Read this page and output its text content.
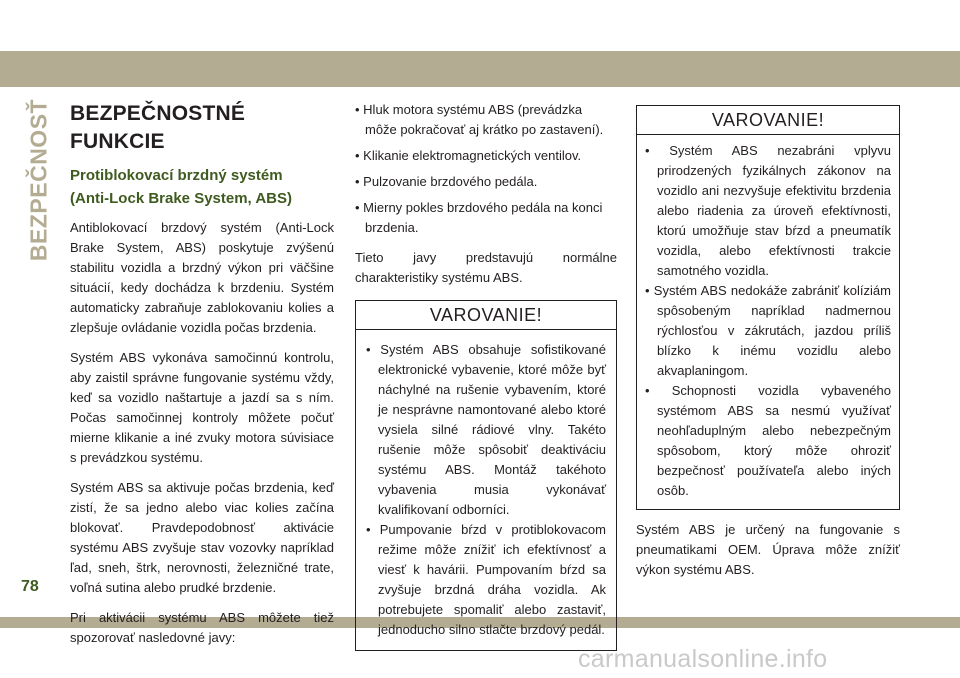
BEZPEČNOSŤ
78
BEZPEČNOSTNÉ FUNKCIE
Protiblokovací brzdný systém
(Anti-Lock Brake System, ABS)

Antiblokovací brzdový systém (Anti-Lock Brake System, ABS) poskytuje zvýšenú stabilitu vozidla a brzdný výkon pri väčšine situácií, kedy dochádza k brzdeniu. Systém automaticky zabraňuje zablokovaniu kolies a zlepšuje ovládanie vozidla počas brzdenia.

Systém ABS vykonáva samočinnú kontrolu, aby zaistil správne fungovanie systému vždy, keď sa vozidlo naštartuje a jazdí sa s ním. Počas samočinnej kontroly môžete počuť mierne klikanie a iné zvuky motora súvisiace s prevádzkou systému.

Systém ABS sa aktivuje počas brzdenia, keď zistí, že sa jedno alebo viac kolies začína blokovať. Pravdepodobnosť aktivácie systému ABS zvyšuje stav vozovky napríklad ľad, sneh, štrk, nerovnosti, železničné trate, voľná sutina alebo prudké brzdenie.

Pri aktivácii systému ABS môžete tiež spozorovať nasledovné javy:

• Hluk motora systému ABS (prevádzka môže pokračovať aj krátko po zastavení).
• Klikanie elektromagnetických ventilov.
• Pulzovanie brzdového pedála.
• Mierny pokles brzdového pedála na konci brzdenia.

Tieto javy predstavujú normálne charakteristiky systému ABS.

VAROVANIE!
• Systém ABS obsahuje sofistikované elektronické vybavenie, ktoré môže byť náchylné na rušenie vybavením, ktoré je nesprávne namontované alebo ktoré vysiela silné rádiové vlny. Takéto rušenie môže spôsobiť deaktiváciu systému ABS. Montáž takéhoto vybavenia musia vykonávať kvalifikovaní odborníci.
• Pumpovanie bŕzd v protiblokovacom režime môže znížiť ich efektívnosť a viesť k havárii. Pumpovaním bŕzd sa zvyšuje brzdná dráha vozidla. Ak potrebujete spomaliť alebo zastaviť, jednoducho silno stlačte brzdový pedál.
VAROVANIE!
• Systém ABS nezabráni vplyvu prirodzených fyzikálnych zákonov na vozidlo ani nezvyšuje efektivitu brzdenia alebo riadenia za úroveň efektívnosti, ktorú umožňuje stav bŕzd a pneumatík vozidla, alebo efektívnosti trakcie samotného vozidla.
• Systém ABS nedokáže zabrániť kolíziám spôsobeným napríklad nadmernou rýchlosťou v zákrutách, jazdou príliš blízko k inému vozidlu alebo akvaplaningom.
• Schopnosti vozidla vybaveného systémom ABS sa nesmú využívať neohľaduplným alebo nebezpečným spôsobom, ktorý môže ohroziť bezpečnosť používateľa alebo iných osôb.

Systém ABS je určený na fungovanie s pneumatikami OEM. Úprava môže znížiť výkon systému ABS.

carmanualsonline.info
